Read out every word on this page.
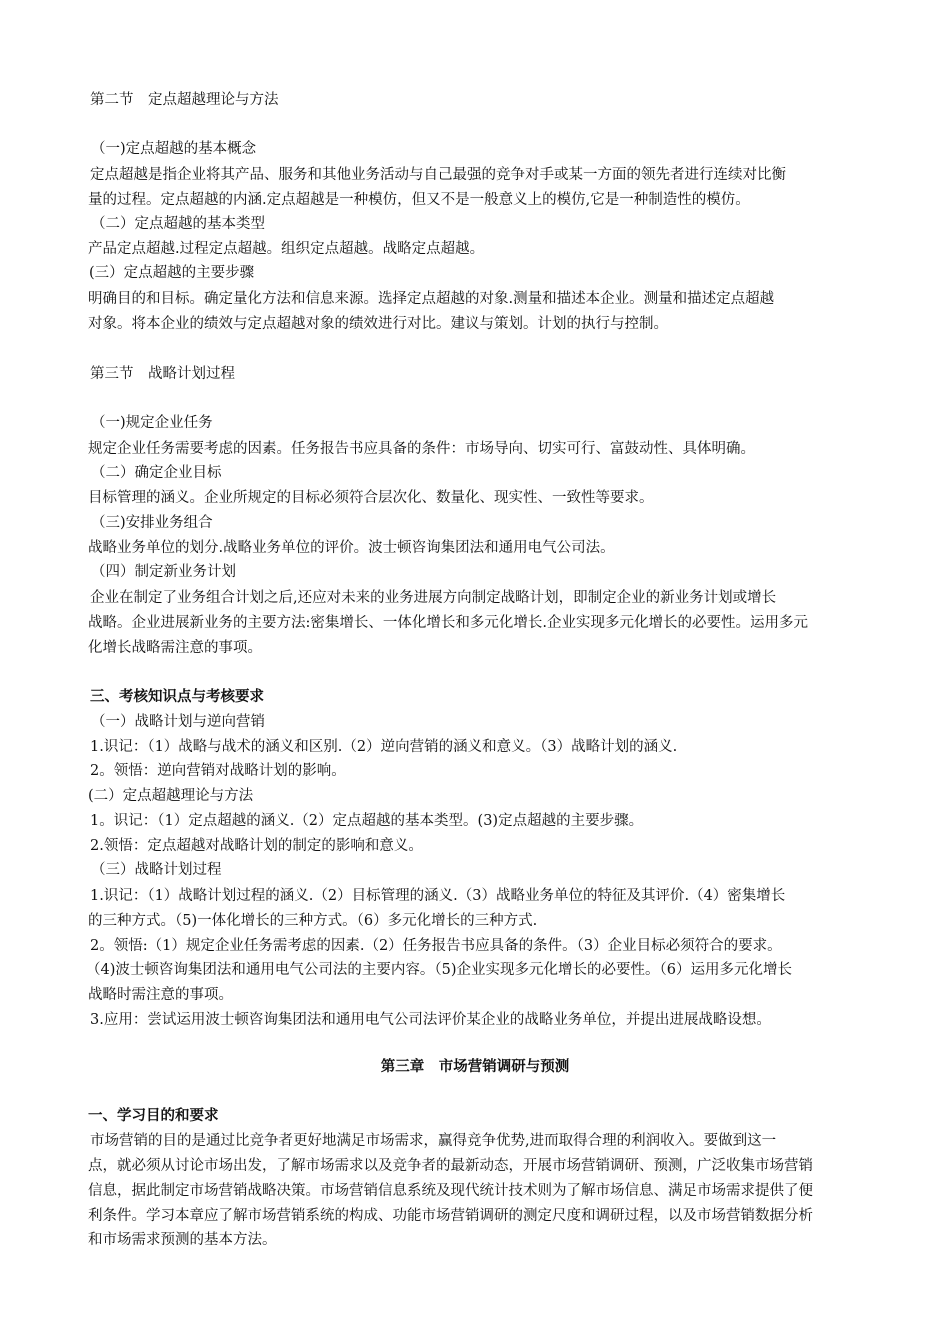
第二节　定点超越理论与方法
（一)定点超越的基本概念
定点超越是指企业将其产品、服务和其他业务活动与自己最强的竞争对手或某一方面的领先者进行连续对比衡
量的过程。定点超越的内涵.定点超越是一种模仿，但又不是一般意义上的模仿,它是一种制造性的模仿。
（二）定点超越的基本类型
产品定点超越.过程定点超越。组织定点超越。战略定点超越。
(三）定点超越的主要步骤
明确目的和目标。确定量化方法和信息来源。选择定点超越的对象.测量和描述本企业。测量和描述定点超越
对象。将本企业的绩效与定点超越对象的绩效进行对比。建议与策划。计划的执行与控制。
第三节　战略计划过程
（一)规定企业任务
规定企业任务需要考虑的因素。任务报告书应具备的条件：市场导向、切实可行、富鼓动性、具体明确。
（二）确定企业目标
目标管理的涵义。企业所规定的目标必须符合层次化、数量化、现实性、一致性等要求。
（三)安排业务组合
战略业务单位的划分.战略业务单位的评价。波士顿咨询集团法和通用电气公司法。
（四）制定新业务计划
企业在制定了业务组合计划之后,还应对未来的业务进展方向制定战略计划，即制定企业的新业务计划或增长
战略。企业进展新业务的主要方法:密集增长、一体化增长和多元化增长.企业实现多元化增长的必要性。运用多元
化增长战略需注意的事项。
三、考核知识点与考核要求
（一）战略计划与逆向营销
1.识记：（1）战略与战术的涵义和区别.（2）逆向营销的涵义和意义。（3）战略计划的涵义.
2。领悟：逆向营销对战略计划的影响。
(二）定点超越理论与方法
1。识记：（1）定点超越的涵义.（2）定点超越的基本类型。(3)定点超越的主要步骤。
2.领悟：定点超越对战略计划的制定的影响和意义。
（三）战略计划过程
1.识记：（1）战略计划过程的涵义.（2）目标管理的涵义.（3）战略业务单位的特征及其评价.（4）密集增长
的三种方式。（5)一体化增长的三种方式。（6）多元化增长的三种方式.
2。领悟:（1）规定企业任务需考虑的因素.（2）任务报告书应具备的条件。（3）企业目标必须符合的要求。
（4)波士顿咨询集团法和通用电气公司法的主要内容。（5)企业实现多元化增长的必要性。（6）运用多元化增长
战略时需注意的事项。
3.应用：尝试运用波士顿咨询集团法和通用电气公司法评价某企业的战略业务单位，并提出进展战略设想。
第三章　市场营销调研与预测
一、学习目的和要求
市场营销的目的是通过比竞争者更好地满足市场需求，赢得竞争优势,进而取得合理的利润收入。要做到这一
点，就必须从讨论市场出发，了解市场需求以及竞争者的最新动态，开展市场营销调研、预测，广泛收集市场营销
信息，据此制定市场营销战略决策。市场营销信息系统及现代统计技术则为了解市场信息、满足市场需求提供了便
利条件。学习本章应了解市场营销系统的构成、功能市场营销调研的测定尺度和调研过程，以及市场营销数据分析
和市场需求预测的基本方法。
